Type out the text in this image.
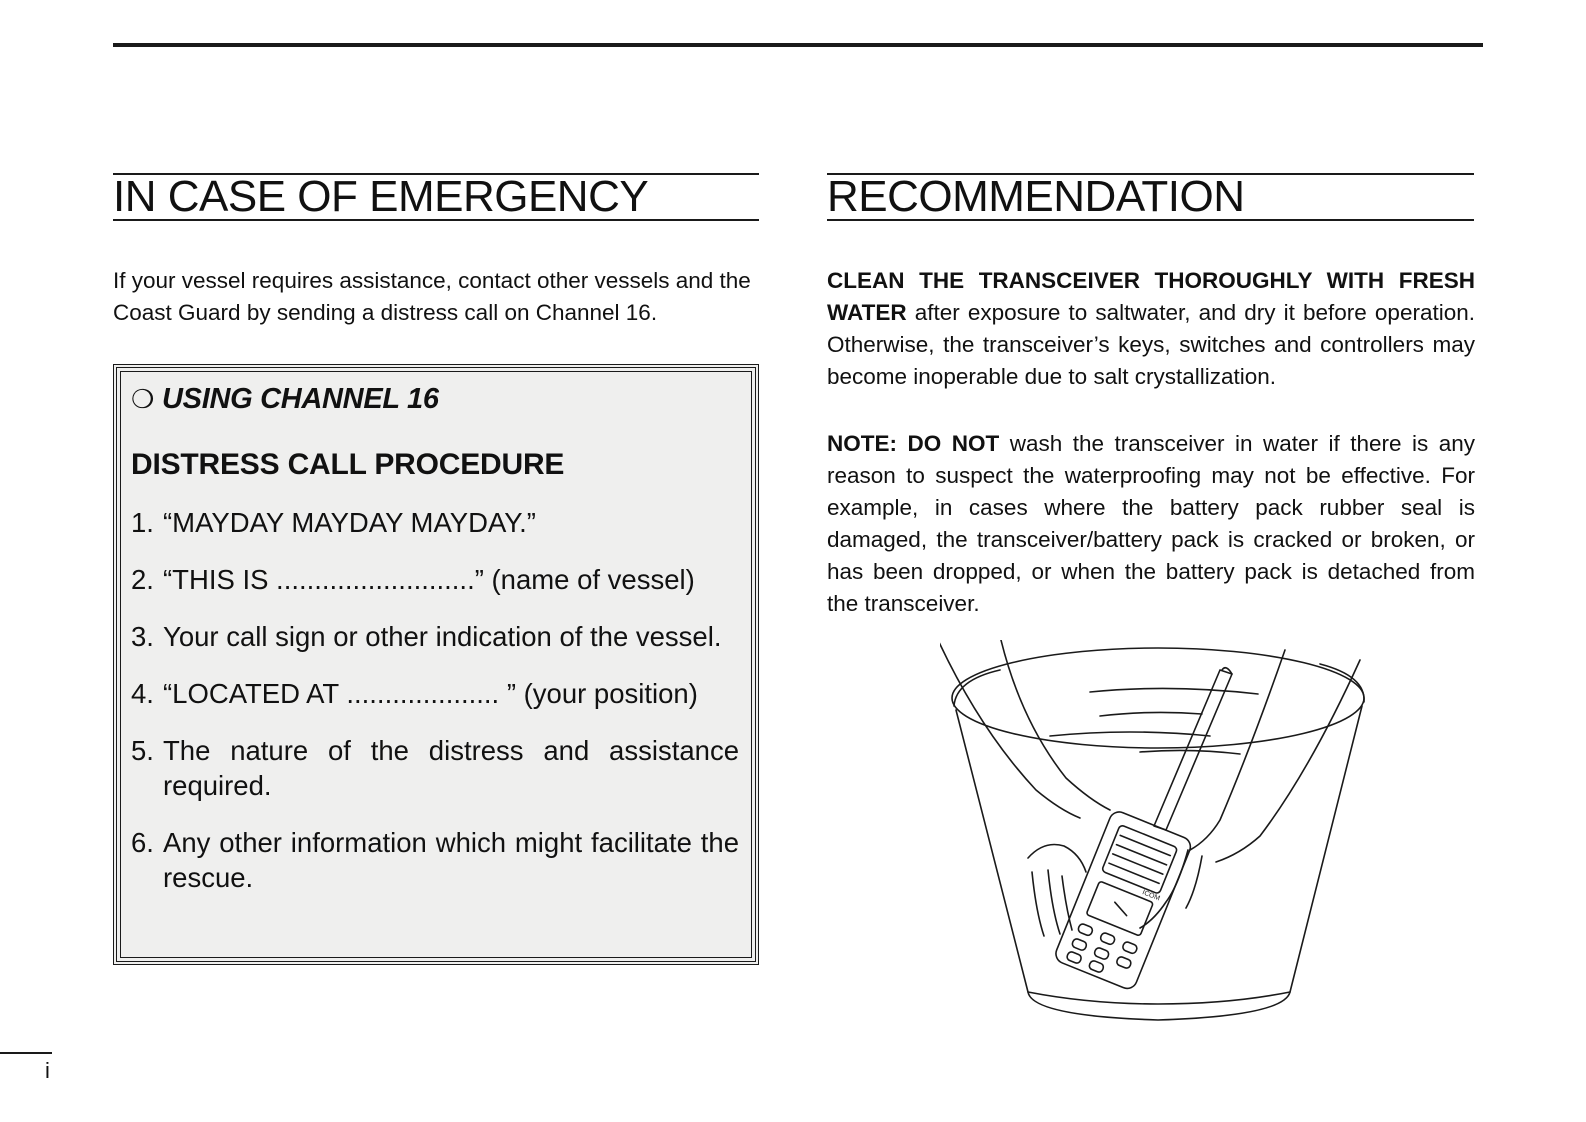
IN CASE OF EMERGENCY

If your vessel requires assistance, contact other vessels and the Coast Guard by sending a distress call on Channel 16.

❍ USING CHANNEL 16

DISTRESS CALL PROCEDURE

1. “MAYDAY MAYDAY MAYDAY.”
2. “THIS IS ..........................” (name of vessel)
3. Your call sign or other indication of the vessel.
4. “LOCATED AT .................... ” (your position)
5. The nature of the distress and assistance required.
6. Any other information which might facilitate the rescue.
RECOMMENDATION

CLEAN THE TRANSCEIVER THOROUGHLY WITH FRESH WATER after exposure to saltwater, and dry it before operation. Otherwise, the transceiver’s keys, switches and controllers may become inoperable due to salt crystallization.

NOTE: DO NOT wash the transceiver in water if there is any reason to suspect the waterproofing may not be effective. For example, in cases where the battery pack rubber seal is damaged, the transceiver/battery pack is cracked or broken, or has been dropped, or when the battery pack is detached from the transceiver.

ICOM
i
